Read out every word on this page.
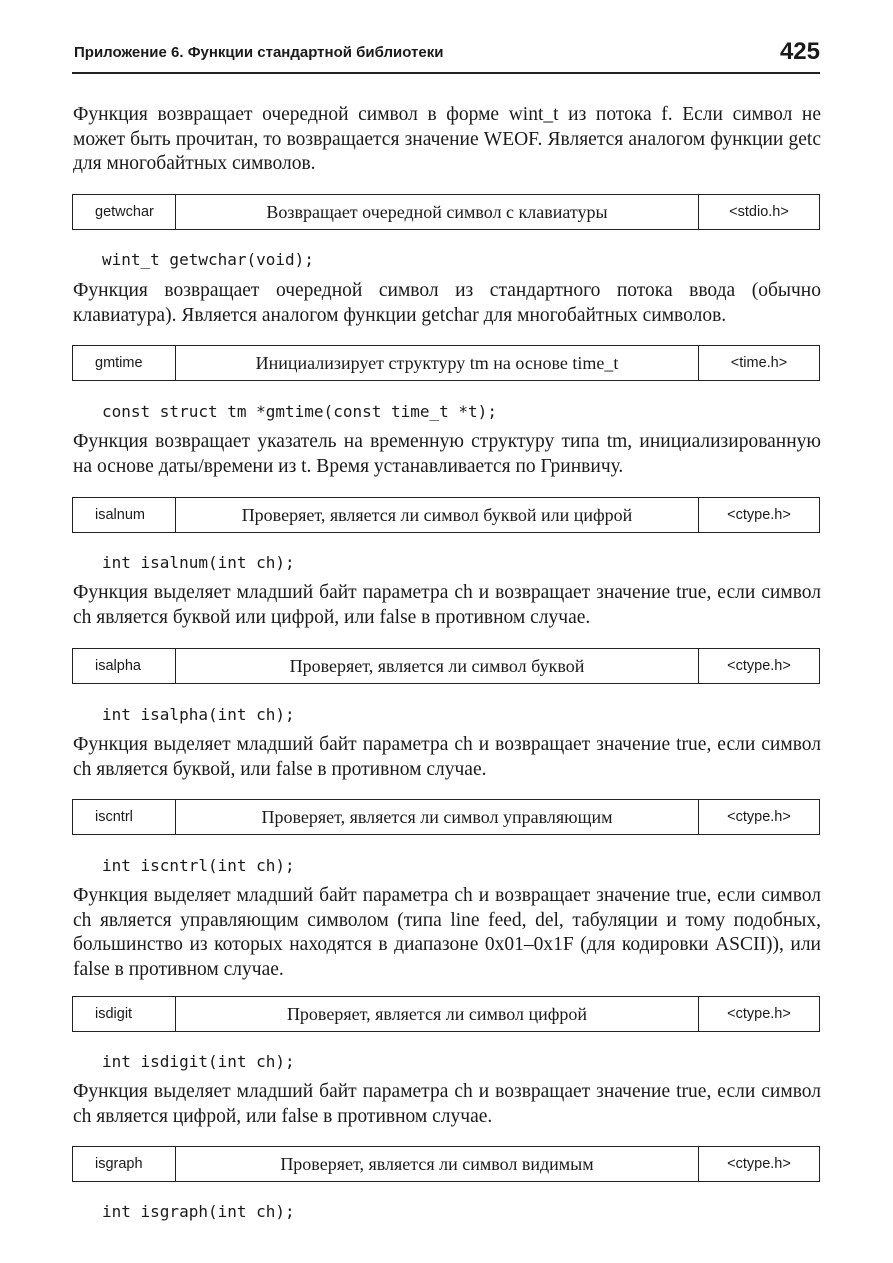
Приложение 6. Функции стандартной библиотеки	425
Функция возвращает очередной символ в форме wint_t из потока f. Если символ не может быть прочитан, то возвращается значение WEOF. Является аналогом функции getc для многобайтных символов.
getwchar	Возвращает очередной символ с клавиатуры	<stdio.h>
wint_t getwchar(void);
Функция возвращает очередной символ из стандартного потока ввода (обычно клавиатура). Является аналогом функции getchar для многобайтных символов.
gmtime	Инициализирует структуру tm на основе time_t	<time.h>
const struct tm *gmtime(const time_t *t);
Функция возвращает указатель на временную структуру типа tm, инициализированную на основе даты/времени из t. Время устанавливается по Гринвичу.
isalnum	Проверяет, является ли символ буквой или цифрой	<ctype.h>
int isalnum(int ch);
Функция выделяет младший байт параметра ch и возвращает значение true, если символ ch является буквой или цифрой, или false в противном случае.
isalpha	Проверяет, является ли символ буквой	<ctype.h>
int isalpha(int ch);
Функция выделяет младший байт параметра ch и возвращает значение true, если символ ch является буквой, или false в противном случае.
iscntrl	Проверяет, является ли символ управляющим	<ctype.h>
int iscntrl(int ch);
Функция выделяет младший байт параметра ch и возвращает значение true, если символ ch является управляющим символом (типа line feed, del, табуляции и тому подобных, большинство из которых находятся в диапазоне 0x01–0x1F (для кодировки ASCII)), или false в противном случае.
isdigit	Проверяет, является ли символ цифрой	<ctype.h>
int isdigit(int ch);
Функция выделяет младший байт параметра ch и возвращает значение true, если символ ch является цифрой, или false в противном случае.
isgraph	Проверяет, является ли символ видимым	<ctype.h>
int isgraph(int ch);
